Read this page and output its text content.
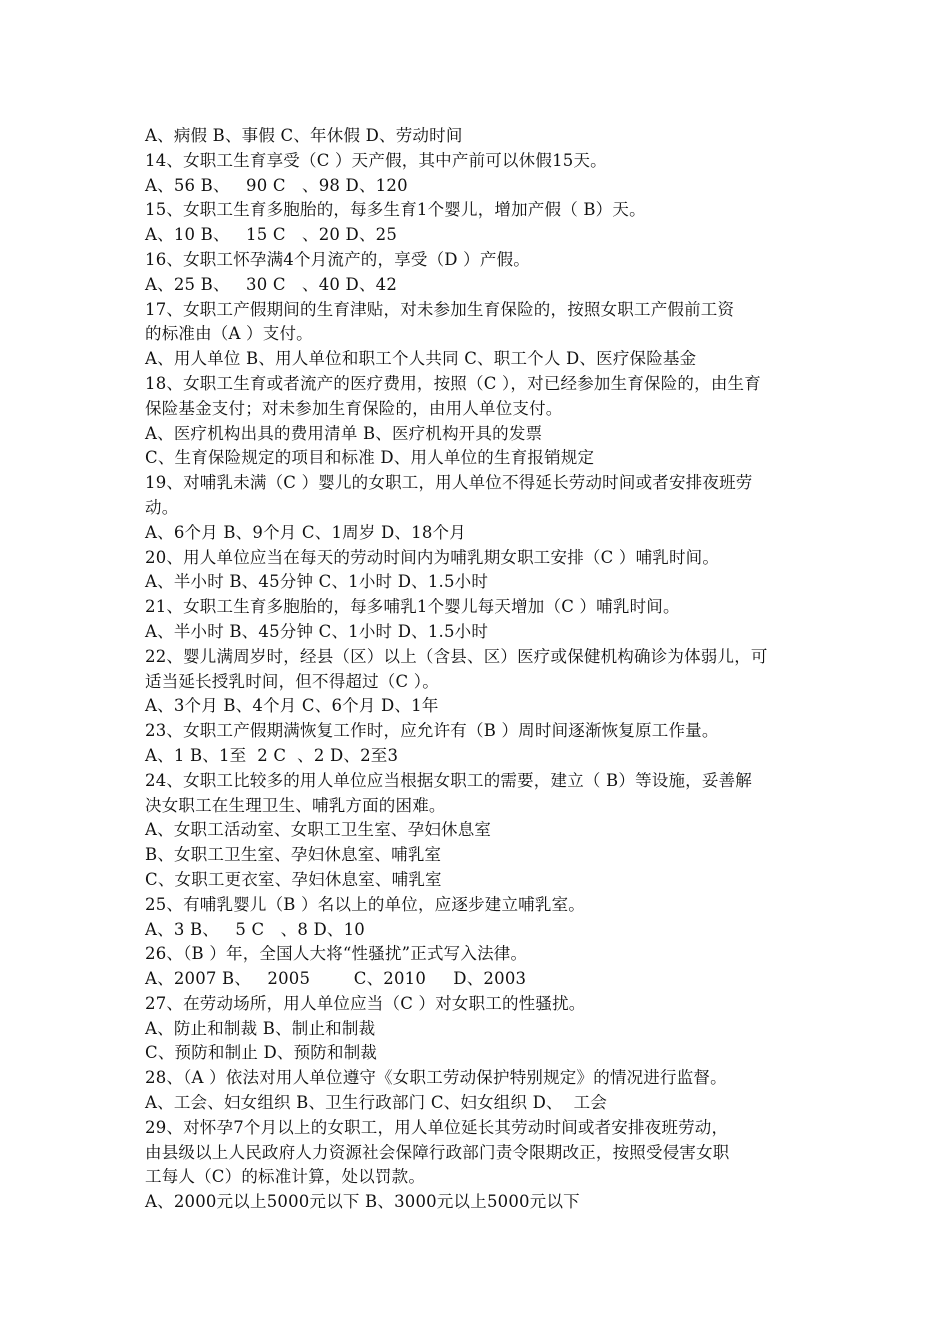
A、病假 B、事假 C、年休假 D、劳动时间
14、女职工生育享受（C ）天产假，其中产前可以休假15天。
A、56 B、   90 C   、98 D、120
15、女职工生育多胞胎的，每多生育1个婴儿，增加产假（ B）天。
A、10 B、   15 C   、20 D、25
16、女职工怀孕满4个月流产的，享受（D ）产假。
A、25 B、   30 C   、40 D、42
17、女职工产假期间的生育津贴，对未参加生育保险的，按照女职工产假前工资
的标准由（A ）支付。
A、用人单位 B、用人单位和职工个人共同 C、职工个人 D、医疗保险基金
18、女职工生育或者流产的医疗费用，按照（C ），对已经参加生育保险的，由生育
保险基金支付；对未参加生育保险的，由用人单位支付。
A、医疗机构出具的费用清单 B、医疗机构开具的发票
C、生育保险规定的项目和标准 D、用人单位的生育报销规定
19、对哺乳未满（C ）婴儿的女职工，用人单位不得延长劳动时间或者安排夜班劳
动。
A、6个月 B、9个月 C、1周岁 D、18个月
20、用人单位应当在每天的劳动时间内为哺乳期女职工安排（C ）哺乳时间。
A、半小时 B、45分钟 C、1小时 D、1.5小时
21、女职工生育多胞胎的，每多哺乳1个婴儿每天增加（C ）哺乳时间。
A、半小时 B、45分钟 C、1小时 D、1.5小时
22、婴儿满周岁时，经县（区）以上（含县、区）医疗或保健机构确诊为体弱儿，可
适当延长授乳时间，但不得超过（C ）。
A、3个月 B、4个月 C、6个月 D、1年
23、女职工产假期满恢复工作时，应允许有（B ）周时间逐渐恢复原工作量。
A、1 B、1至  2 C  、2 D、2至3
24、女职工比较多的用人单位应当根据女职工的需要，建立（ B）等设施，妥善解
决女职工在生理卫生、哺乳方面的困难。
A、女职工活动室、女职工卫生室、孕妇休息室
B、女职工卫生室、孕妇休息室、哺乳室
C、女职工更衣室、孕妇休息室、哺乳室
25、有哺乳婴儿（B ）名以上的单位，应逐步建立哺乳室。
A、3 B、   5 C   、8 D、10
26、（B ）年，全国人大将“性骚扰”正式写入法律。
A、2007 B、   2005        C、2010     D、2003
27、在劳动场所，用人单位应当（C ）对女职工的性骚扰。
A、防止和制裁 B、制止和制裁
C、预防和制止 D、预防和制裁
28、（A ）依法对用人单位遵守《女职工劳动保护特别规定》的情况进行监督。
A、工会、妇女组织 B、卫生行政部门 C、妇女组织 D、  工会
29、对怀孕7个月以上的女职工，用人单位延长其劳动时间或者安排夜班劳动，
由县级以上人民政府人力资源社会保障行政部门责令限期改正，按照受侵害女职
工每人（C）的标准计算，处以罚款。
A、2000元以上5000元以下 B、3000元以上5000元以下
